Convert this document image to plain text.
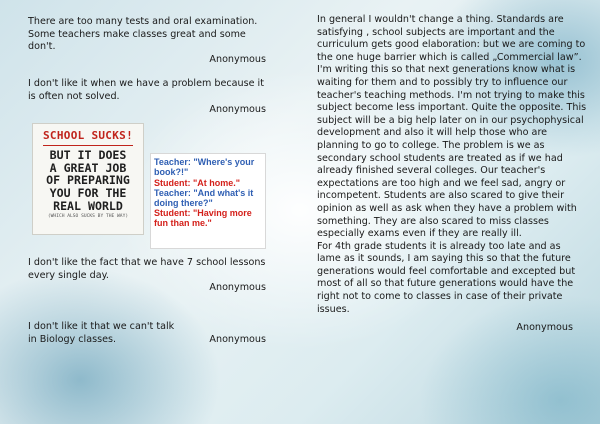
There are too many tests and oral examination. Some teachers make classes great and some don't.

Anonymous

I don't like it when we have a problem because it is often not solved.

Anonymous

SCHOOL SUCKS!
BUT IT DOES
A GREAT JOB
OF PREPARING
YOU FOR THE
REAL WORLD
(WHICH ALSO SUCKS BY THE WAY)
Teacher: "Where's your book?!"
Student: "At home."
Teacher: "And what's it doing there?"
Student: "Having more fun than me."

I don't like the fact that we have 7 school lessons every single day.

Anonymous

I don't like it that we can't talk in Biology classes.	Anonymous

In general I wouldn't change a thing. Standards are satisfying , school subjects are important and the curriculum gets good elaboration: but we are coming to the one huge barrier which is called „Commercial law”. I'm writing this so that next generations know what is waiting for them and to possibly try to influence our teacher's teaching methods. I'm not trying to make this subject become less important. Quite the opposite. This subject will be a big help later on in our psychophysical development and also it will help those who are planning to go to college. The problem is we as secondary school students are treated as if we had already finished several colleges. Our teacher's expectations are too high and we feel sad, angry or incompetent. Students are also scared to give their opinion as well as ask when they have a problem with something. They are also scared to miss classes especially exams even if they are really ill.

For 4th grade students it is already too late and as lame as it sounds, I am saying this so that the future generations would feel comfortable and excepted but most of all so that future generations would have the right not to come to classes in case of their private issues.

Anonymous
